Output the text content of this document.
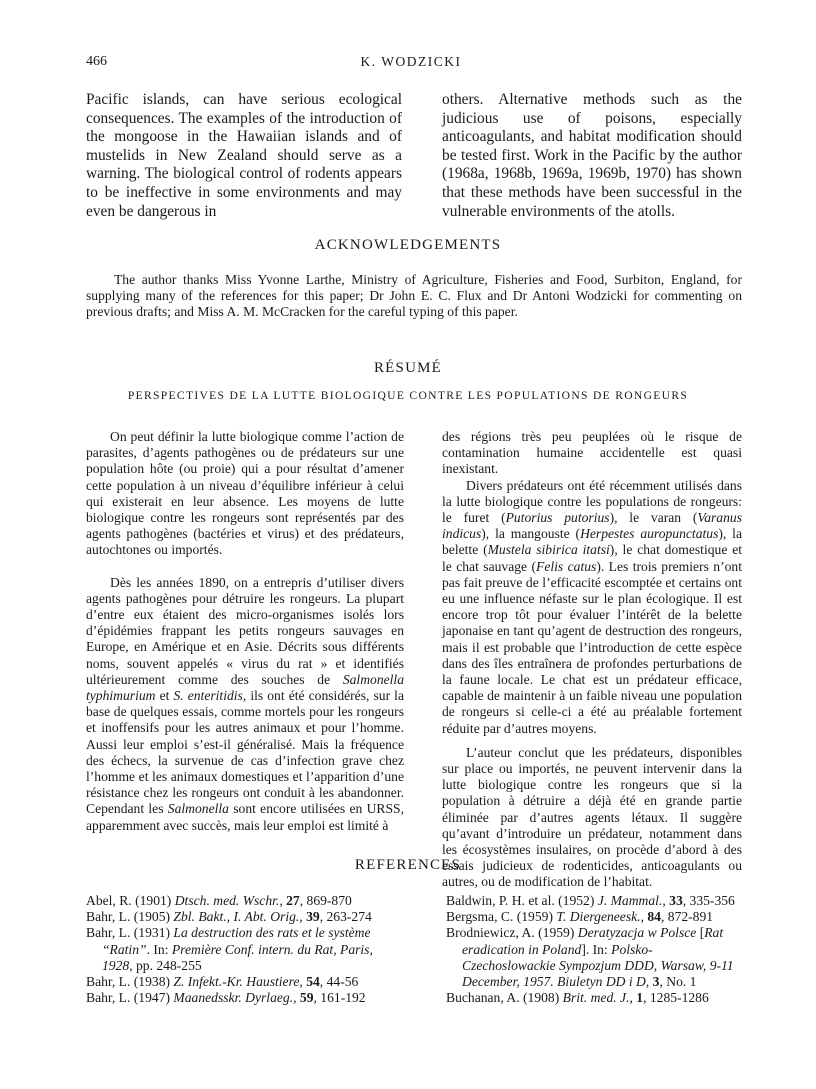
466	K. WODZICKI

Pacific islands, can have serious ecological consequences. The examples of the introduction of the mongoose in the Hawaiian islands and of mustelids in New Zealand should serve as a warning. The biological control of rodents appears to be ineffective in some environments and may even be dangerous in

others. Alternative methods such as the judicious use of poisons, especially anticoagulants, and habitat modification should be tested first. Work in the Pacific by the author (1968a, 1968b, 1969a, 1969b, 1970) has shown that these methods have been successful in the vulnerable environments of the atolls.

ACKNOWLEDGEMENTS

The author thanks Miss Yvonne Larthe, Ministry of Agriculture, Fisheries and Food, Surbiton, England, for supplying many of the references for this paper; Dr John E. C. Flux and Dr Antoni Wodzicki for commenting on previous drafts; and Miss A. M. McCracken for the careful typing of this paper.

RÉSUMÉ
PERSPECTIVES DE LA LUTTE BIOLOGIQUE CONTRE LES POPULATIONS DE RONGEURS

On peut définir la lutte biologique comme l’action de parasites, d’agents pathogènes ou de prédateurs sur une population hôte (ou proie) qui a pour résultat d’amener cette population à un niveau d’équilibre inférieur à celui qui existerait en leur absence. Les moyens de lutte biologique contre les rongeurs sont représentés par des agents pathogènes (bactéries et virus) et des prédateurs, autochtones ou importés.

Dès les années 1890, on a entrepris d’utiliser divers agents pathogènes pour détruire les rongeurs. La plupart d’entre eux étaient des micro-organismes isolés lors d’épidémies frappant les petits rongeurs sauvages en Europe, en Amérique et en Asie. Décrits sous différents noms, souvent appelés « virus du rat » et identifiés ultérieurement comme des souches de Salmonella typhimurium et S. enteritidis, ils ont été considérés, sur la base de quelques essais, comme mortels pour les rongeurs et inoffensifs pour les autres animaux et pour l’homme. Aussi leur emploi s’est-il généralisé. Mais la fréquence des échecs, la survenue de cas d’infection grave chez l’homme et les animaux domestiques et l’apparition d’une résistance chez les rongeurs ont conduit à les abandonner. Cependant les Salmonella sont encore utilisées en URSS, apparemment avec succès, mais leur emploi est limité à

des régions très peu peuplées où le risque de contamination humaine accidentelle est quasi inexistant.

Divers prédateurs ont été récemment utilisés dans la lutte biologique contre les populations de rongeurs: le furet (Putorius putorius), le varan (Varanus indicus), la mangouste (Herpestes auropunctatus), la belette (Mustela sibirica itatsi), le chat domestique et le chat sauvage (Felis catus). Les trois premiers n’ont pas fait preuve de l’efficacité escomptée et certains ont eu une influence néfaste sur le plan écologique. Il est encore trop tôt pour évaluer l’intérêt de la belette japonaise en tant qu’agent de destruction des rongeurs, mais il est probable que l’introduction de cette espèce dans des îles entraînera de profondes perturbations de la faune locale. Le chat est un prédateur efficace, capable de maintenir à un faible niveau une population de rongeurs si celle-ci a été au préalable fortement réduite par d’autres moyens.

L’auteur conclut que les prédateurs, disponibles sur place ou importés, ne peuvent intervenir dans la lutte biologique contre les rongeurs que si la population à détruire a déjà été en grande partie éliminée par d’autres agents létaux. Il suggère qu’avant d’introduire un prédateur, notamment dans les écosystèmes insulaires, on procède d’abord à des essais judicieux de rodenticides, anticoagulants ou autres, ou de modification de l’habitat.

REFERENCES

Abel, R. (1901) Dtsch. med. Wschr., 27, 869-870

Bahr, L. (1905) Zbl. Bakt., I. Abt. Orig., 39, 263-274

Bahr, L. (1931) La destruction des rats et le système “Ratin”. In: Première Conf. intern. du Rat, Paris, 1928, pp. 248-255

Bahr, L. (1938) Z. Infekt.-Kr. Haustiere, 54, 44-56

Bahr, L. (1947) Maanedsskr. Dyrlaeg., 59, 161-192

Baldwin, P. H. et al. (1952) J. Mammal., 33, 335-356

Bergsma, C. (1959) T. Diergeneesk., 84, 872-891

Brodniewicz, A. (1959) Deratyzacja w Polsce [Rat eradication in Poland]. In: Polsko-Czechoslowackie Sympozjum DDD, Warsaw, 9-11 December, 1957. Biuletyn DD i D, 3, No. 1

Buchanan, A. (1908) Brit. med. J., 1, 1285-1286
